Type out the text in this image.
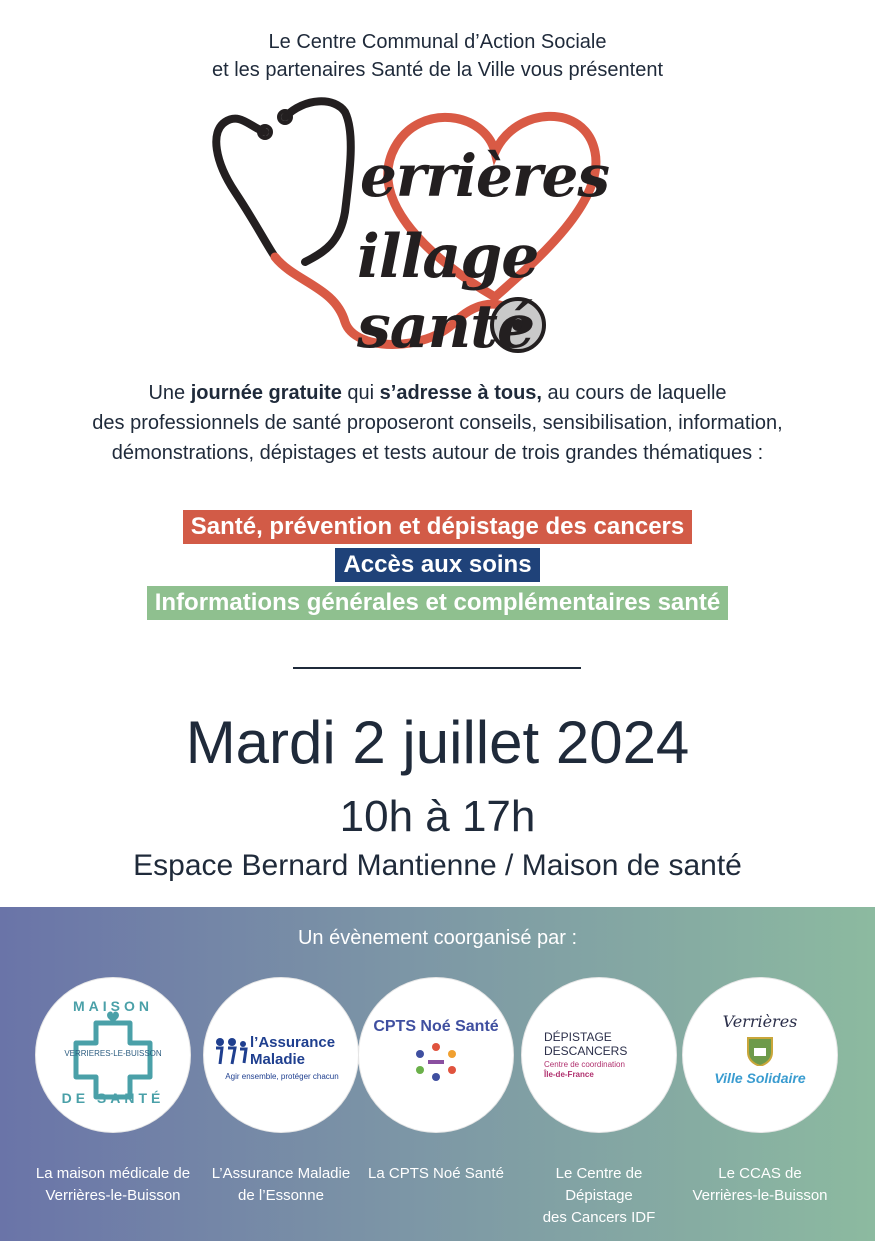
Le Centre Communal d’Action Sociale
et les partenaires Santé de la Ville vous présentent
errières
illage santé
Une journée gratuite qui s’adresse à tous, au cours de laquelle
des professionnels de santé proposeront conseils, sensibilisation, information,
démonstrations, dépistages et tests autour de trois grandes thématiques :
Santé, prévention et dépistage des cancers
Accès aux soins
Informations générales et complémentaires santé
Mardi 2 juillet 2024
10h à 17h
Espace Bernard Mantienne / Maison de santé
Un évènement coorganisé par :
MAISON
VERRIERES-LE-BUISSON
DE SANTÉ
La maison médicale de
Verrières-le-Buisson
l’Assurance
Maladie
Agir ensemble, protéger chacun
L’Assurance Maladie
de l’Essonne
CPTS Noé Santé
La CPTS Noé Santé
DÉPISTAGE
DESCANCERS
Centre de coordination
Île-de-France
Le Centre de Dépistage
des Cancers IDF
Verrières
Ville Solidaire
Le CCAS de
Verrières-le-Buisson
